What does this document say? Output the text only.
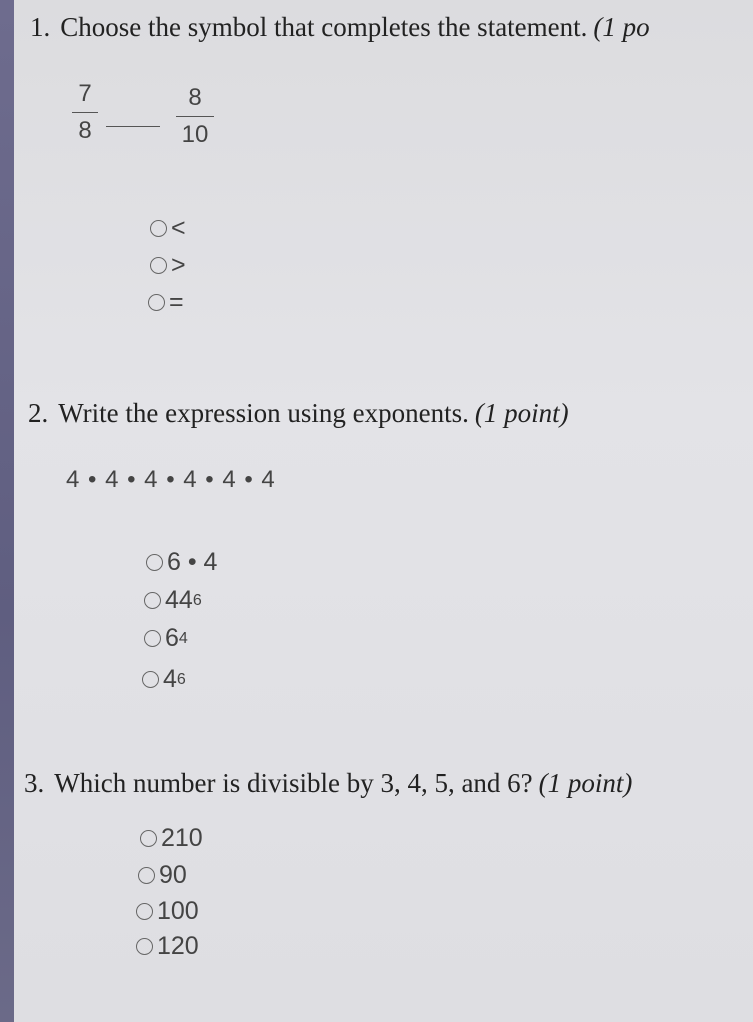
1. Choose the symbol that completes the statement. (1 po
7
8
8
10
<
>
=
2. Write the expression using exponents. (1 point)
4 • 4 • 4 • 4 • 4 • 4
6 • 4
44 6
6 4
4 6
3. Which number is divisible by 3, 4, 5, and 6? (1 point)
210
90
100
120
